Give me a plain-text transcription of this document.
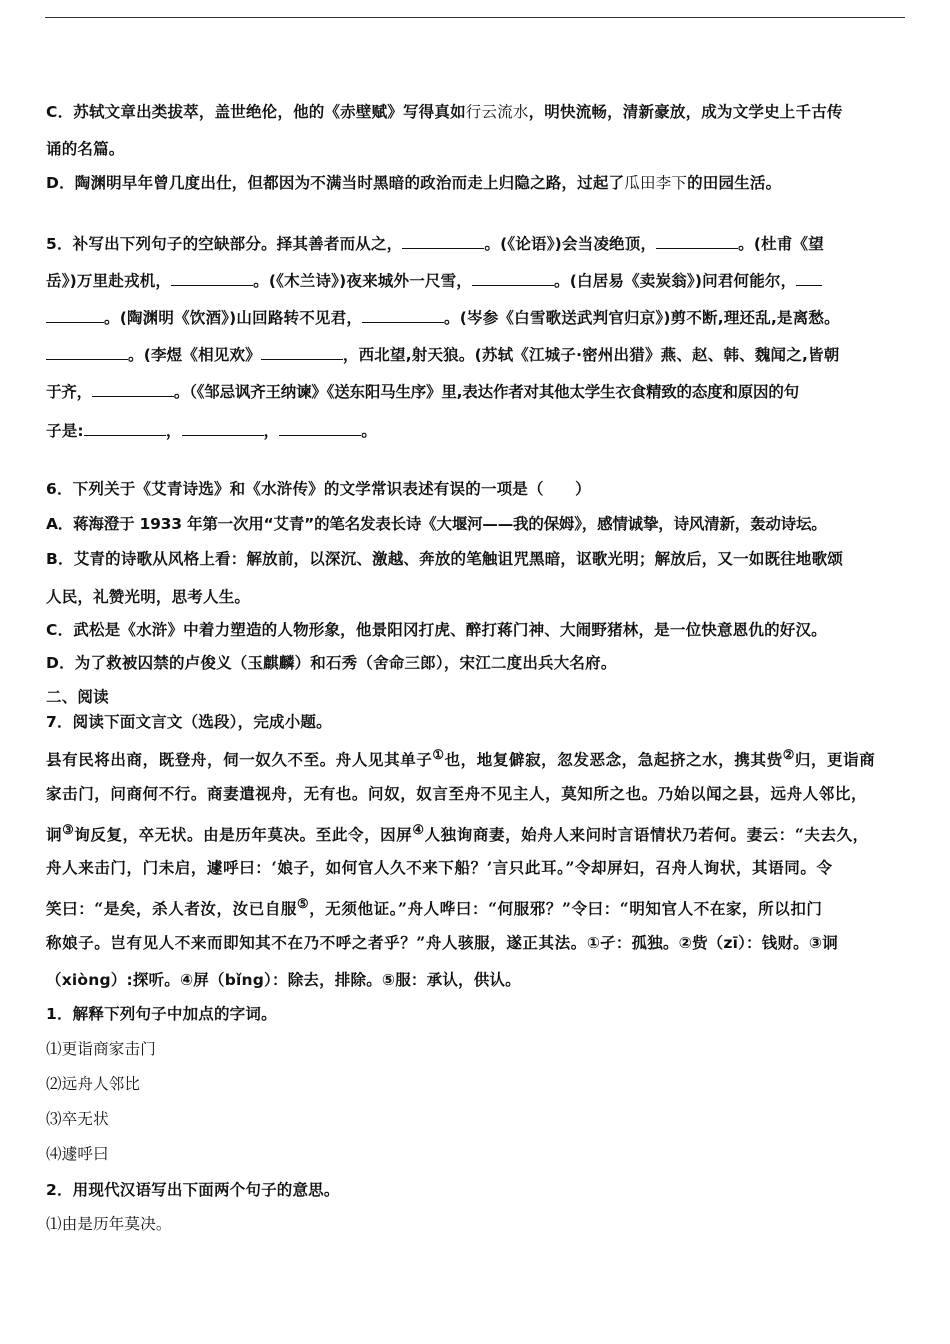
C．苏轼文章出类拔萃，盖世绝伦，他的《赤壁赋》写得真如行云流水，明快流畅，清新豪放，成为文学史上千古传
诵的名篇。
D．陶渊明早年曾几度出仕，但都因为不满当时黑暗的政治而走上归隐之路，过起了瓜田李下的田园生活。
5．补写出下列句子的空缺部分。择其善者而从之，	。(《论语》)会当凌绝顶，	。(杜甫《望
岳》)万里赴戎机，	。(《木兰诗》)夜来城外一尺雪，	。(白居易《卖炭翁》)问君何能尔，
。(陶渊明《饮酒》)山回路转不见君，	。(岑参《白雪歌送武判官归京》)剪不断,理还乱,是离愁。
。(李煜《相见欢》	，西北望,射天狼。(苏轼《江城子·密州出猎》燕、赵、韩、魏闻之,皆朝
于齐，	。（《邹忌讽齐王纳谏》《送东阳马生序》里,表达作者对其他太学生衣食精致的态度和原因的句
子是:	，	，	。
6．下列关于《艾青诗选》和《水浒传》的文学常识表述有误的一项是（　　）
A．蒋海澄于 1933 年第一次用“艾青”的笔名发表长诗《大堰河——我的保姆》，感情诚挚，诗风清新，轰动诗坛。
B．艾青的诗歌从风格上看：解放前，以深沉、激越、奔放的笔触诅咒黑暗，讴歌光明；解放后，又一如既往地歌颂
人民，礼赞光明，思考人生。
C．武松是《水浒》中着力塑造的人物形象，他景阳冈打虎、醉打蒋门神、大闹野猪林，是一位快意恩仇的好汉。
D．为了救被囚禁的卢俊义（玉麒麟）和石秀（舍命三郎），宋江二度出兵大名府。
二、阅读
7．阅读下面文言文（选段），完成小题。
县有民将出商，既登舟，伺一奴久不至。舟人见其单子①也，地复僻寂，忽发恶念，急起挤之水，携其赀②归，更诣商
家击门，问商何不行。商妻遣视舟，无有也。问奴，奴言至舟不见主人，莫知所之也。乃始以闻之县，远舟人邻比，
诇③询反复，卒无状。由是历年莫决。至此令，因屏④人独询商妻，始舟人来问时言语情状乃若何。妻云：“夫去久，
舟人来击门，门未启，遽呼曰：‘娘子，如何官人久不来下船？’言只此耳。”令却屏妇，召舟人询状，其语同。令
笑曰：“是矣，杀人者汝，汝已自服⑤，无须他证。”舟人哗曰：“何服邪？”令曰：“明知官人不在家，所以扣门
称娘子。岂有见人不来而即知其不在乃不呼之者乎？”舟人骇服，遂正其法。①孑：孤独。②赀（zī）：钱财。③诇
（xiòng）:探听。④屏（bǐng）：除去，排除。⑤服：承认，供认。
1．解释下列句子中加点的字词。
⑴更诣商家击门
⑵远舟人邻比
⑶卒无状
⑷遽呼曰
2．用现代汉语写出下面两个句子的意思。
⑴由是历年莫决。
